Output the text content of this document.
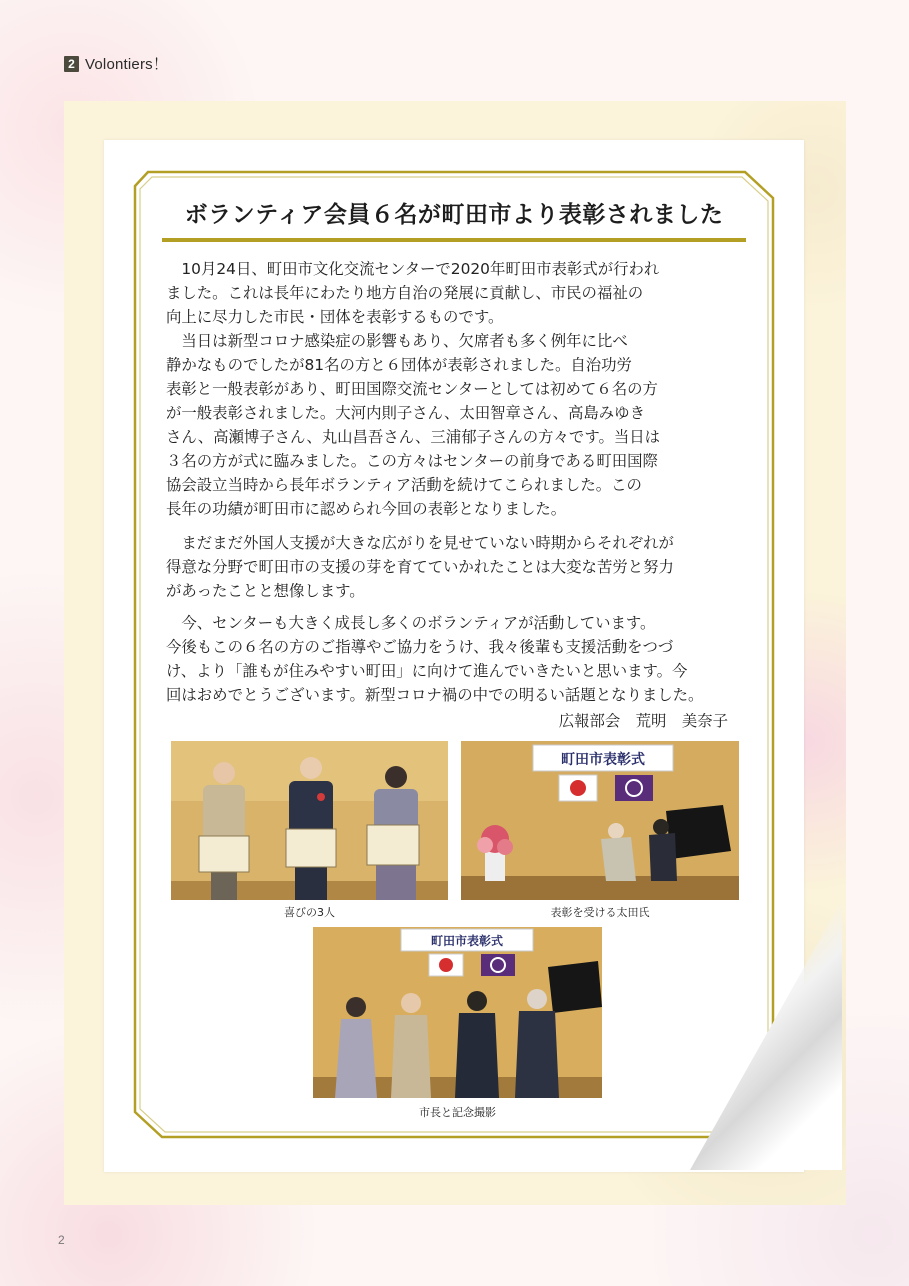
2 Volontiers！
ボランティア会員６名が町田市より表彰されました
　10月24日、町田市文化交流センターで2020年町田市表彰式が行われ
ました。これは長年にわたり地方自治の発展に貢献し、市民の福祉の
向上に尽力した市民・団体を表彰するものです。
　当日は新型コロナ感染症の影響もあり、欠席者も多く例年に比べ
静かなものでしたが81名の方と６団体が表彰されました。自治功労
表彰と一般表彰があり、町田国際交流センターとしては初めて６名の方
が一般表彰されました。大河内則子さん、太田智章さん、高島みゆき
さん、高瀬博子さん、丸山昌吾さん、三浦郁子さんの方々です。当日は
３名の方が式に臨みました。この方々はセンターの前身である町田国際
協会設立当時から長年ボランティア活動を続けてこられました。この
長年の功績が町田市に認められ今回の表彰となりました。
　まだまだ外国人支援が大きな広がりを見せていない時期からそれぞれが
得意な分野で町田市の支援の芽を育てていかれたことは大変な苦労と努力
があったことと想像します。
　今、センターも大きく成長し多くのボランティアが活動しています。
今後もこの６名の方のご指導やご協力をうけ、我々後輩も支援活動をつづ
け、より「誰もが住みやすい町田」に向けて進んでいきたいと思います。今
回はおめでとうございます。新型コロナ禍の中での明るい話題となりました。
広報部会　荒明　美奈子
喜びの3人
町田市表彰式
表彰を受ける太田氏
町田市表彰式
市長と記念撮影
2
